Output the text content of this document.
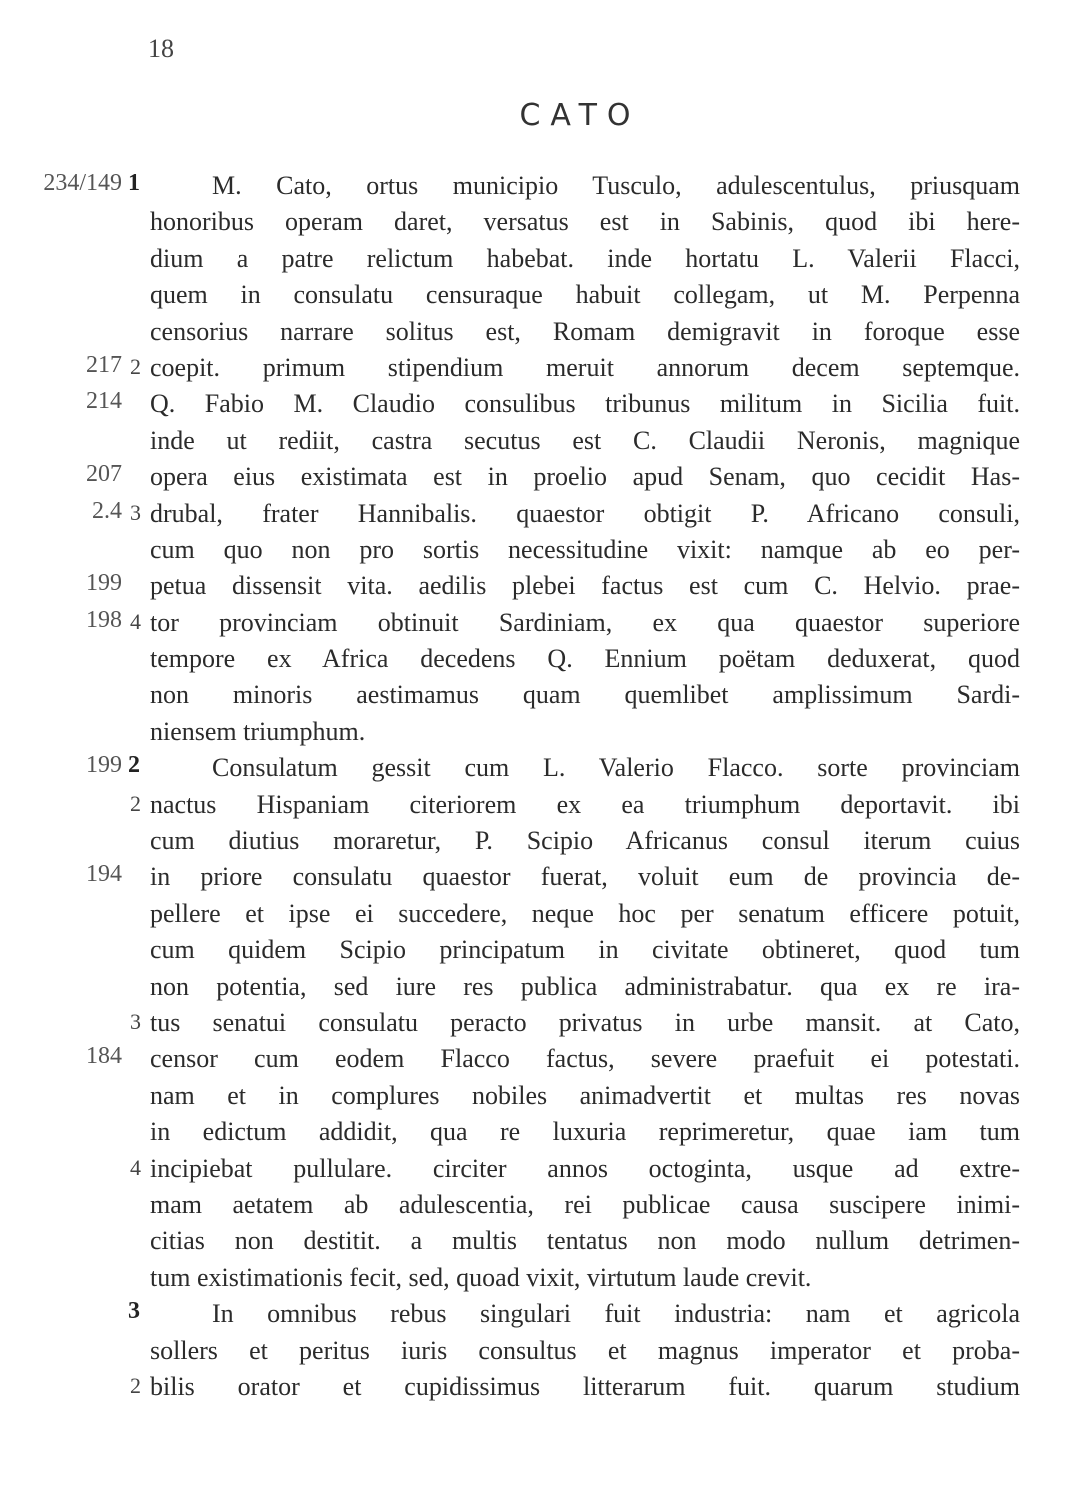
18
CATO
234/149 1	M. Cato, ortus municipio Tusculo, adulescentulus, priusquam
honoribus operam daret, versatus est in Sabinis, quod ibi here-
dium a patre relictum habebat. inde hortatu L. Valerii Flacci,
quem in consulatu censuraque habuit collegam, ut M. Perpenna
censorius narrare solitus est, Romam demigravit in foroque esse
217 2 coepit. primum stipendium meruit annorum decem septemque.
214 Q. Fabio M. Claudio consulibus tribunus militum in Sicilia fuit.
inde ut rediit, castra secutus est C. Claudii Neronis, magnique
207 opera eius existimata est in proelio apud Senam, quo cecidit Has-
2.4 3 drubal, frater Hannibalis. quaestor obtigit P. Africano consuli,
cum quo non pro sortis necessitudine vixit: namque ab eo per-
199 petua dissensit vita. aedilis plebei factus est cum C. Helvio. prae-
198 4 tor provinciam obtinuit Sardiniam, ex qua quaestor superiore
tempore ex Africa decedens Q. Ennium poëtam deduxerat, quod
non minoris aestimamus quam quemlibet amplissimum Sardi-
niensem triumphum.
199 2	Consulatum gessit cum L. Valerio Flacco. sorte provinciam
2 nactus Hispaniam citeriorem ex ea triumphum deportavit. ibi
cum diutius moraretur, P. Scipio Africanus consul iterum cuius
194 in priore consulatu quaestor fuerat, voluit eum de provincia de-
pellere et ipse ei succedere, neque hoc per senatum efficere potuit,
cum quidem Scipio principatum in civitate obtineret, quod tum
non potentia, sed iure res publica administrabatur. qua ex re ira-
3 tus senatui consulatu peracto privatus in urbe mansit. at Cato,
184 censor cum eodem Flacco factus, severe praefuit ei potestati.
nam et in complures nobiles animadvertit et multas res novas
in edictum addidit, qua re luxuria reprimeretur, quae iam tum
4 incipiebat pullulare. circiter annos octoginta, usque ad extre-
mam aetatem ab adulescentia, rei publicae causa suscipere inimi-
citias non destitit. a multis tentatus non modo nullum detrimen-
tum existimationis fecit, sed, quoad vixit, virtutum laude crevit.
3	In omnibus rebus singulari fuit industria: nam et agricola
sollers et peritus iuris consultus et magnus imperator et proba-
2 bilis orator et cupidissimus litterarum fuit. quarum studium
